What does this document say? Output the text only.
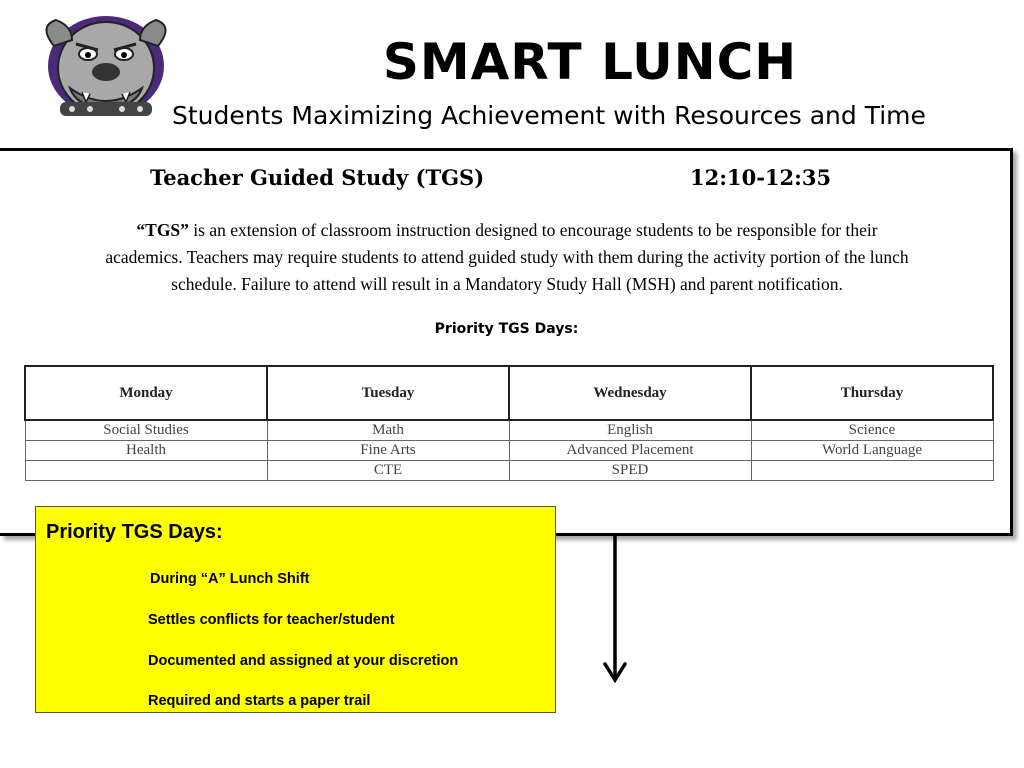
SMART LUNCH
Students Maximizing Achievement with Resources and Time
Teacher Guided Study (TGS)	12:10-12:35
“TGS” is an extension of classroom instruction designed to encourage students to be responsible for their
academics. Teachers may require students to attend guided study with them during the activity portion of the lunch
schedule. Failure to attend will result in a Mandatory Study Hall (MSH) and parent notification.
Priority TGS Days:
Monday	Tuesday	Wednesday	Thursday
Social Studies	Math	English	Science
Health	Fine Arts	Advanced Placement	World Language
	CTE	SPED	
Priority TGS Days:
During “A” Lunch Shift
Settles conflicts for teacher/student
Documented and assigned at your discretion
Required and starts a paper trail
